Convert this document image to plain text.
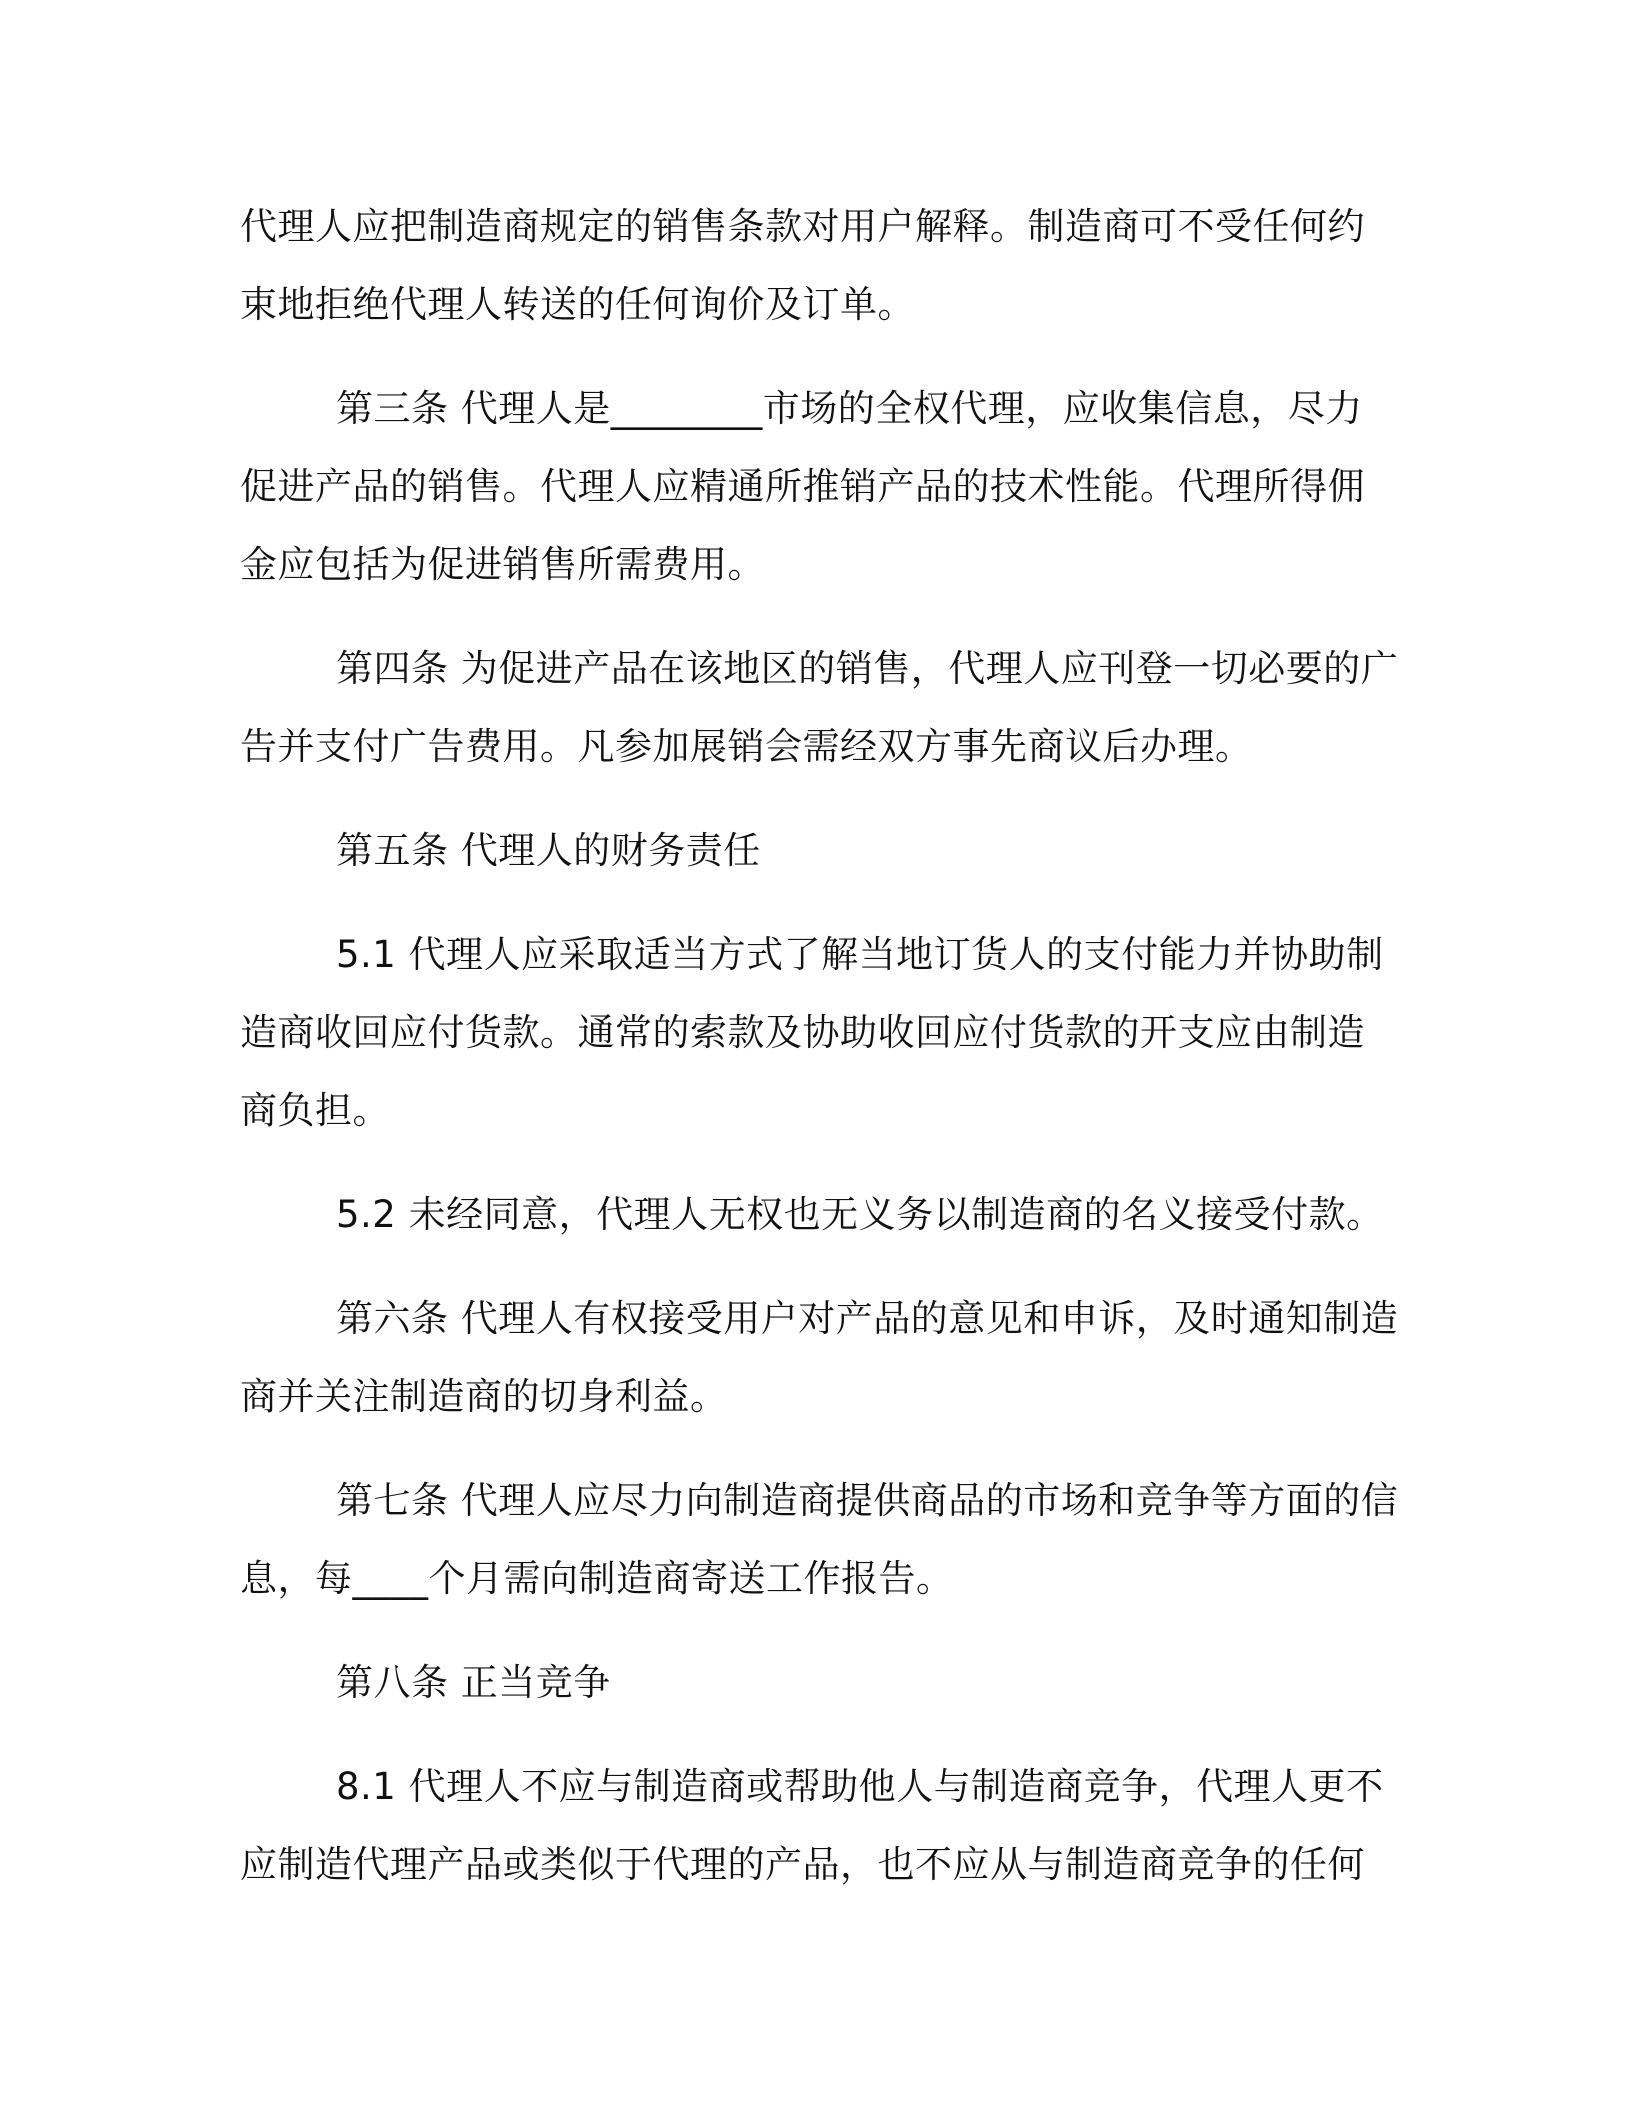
代理人应把制造商规定的销售条款对用户解释。制造商可不受任何约束地拒绝代理人转送的任何询价及订单。

第三条 代理人是________市场的全权代理，应收集信息，尽力促进产品的销售。代理人应精通所推销产品的技术性能。代理所得佣金应包括为促进销售所需费用。

第四条 为促进产品在该地区的销售，代理人应刊登一切必要的广告并支付广告费用。凡参加展销会需经双方事先商议后办理。

第五条 代理人的财务责任

5.1 代理人应采取适当方式了解当地订货人的支付能力并协助制造商收回应付货款。通常的索款及协助收回应付货款的开支应由制造商负担。

5.2 未经同意，代理人无权也无义务以制造商的名义接受付款。

第六条 代理人有权接受用户对产品的意见和申诉，及时通知制造商并关注制造商的切身利益。

第七条 代理人应尽力向制造商提供商品的市场和竞争等方面的信息，每____个月需向制造商寄送工作报告。

第八条 正当竞争

8.1 代理人不应与制造商或帮助他人与制造商竞争，代理人更不应制造代理产品或类似于代理的产品，也不应从与制造商竞争的任何
